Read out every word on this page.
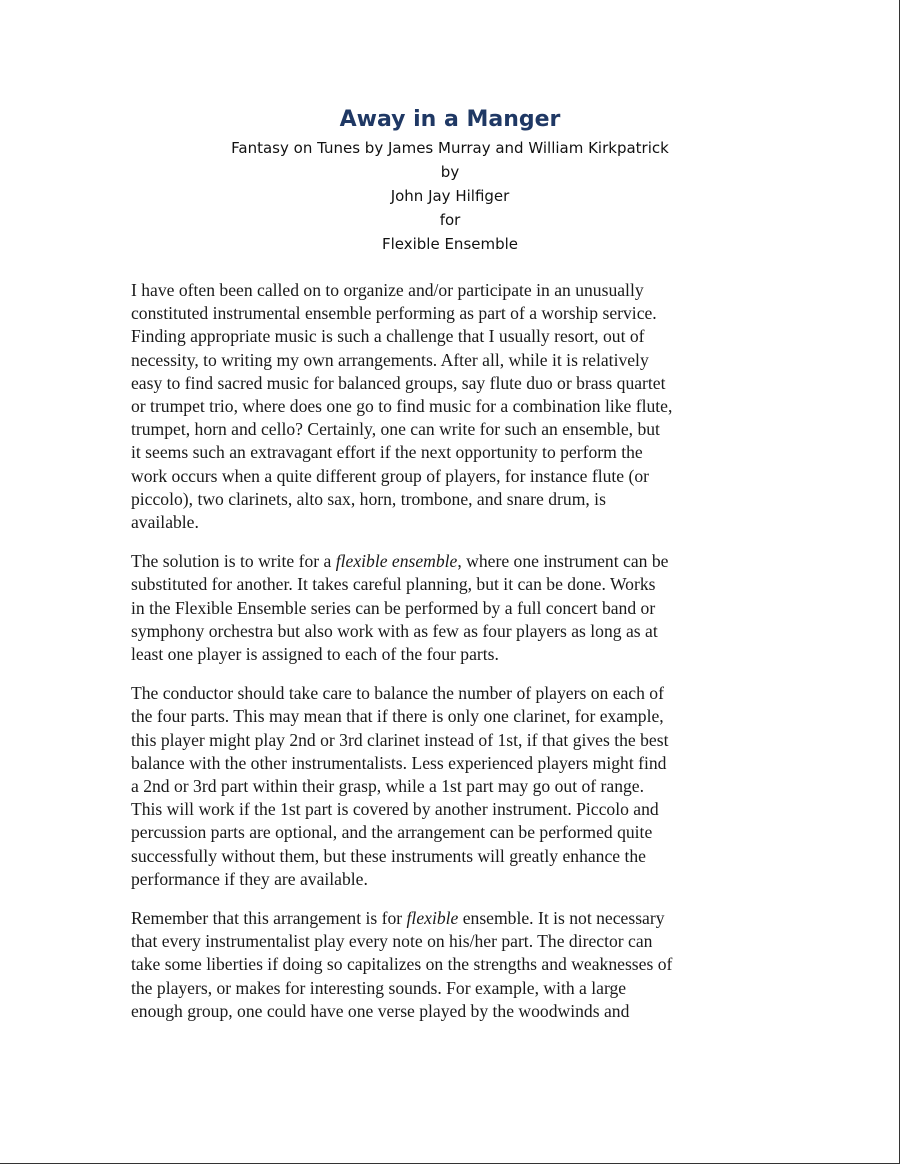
Away in a Manger

Fantasy on Tunes by James Murray and William Kirkpatrick

by

John Jay Hilfiger

for

Flexible Ensemble

I have often been called on to organize and/or participate in an unusually
constituted instrumental ensemble performing as part of a worship service.
Finding appropriate music is such a challenge that I usually resort, out of
necessity, to writing my own arrangements. After all, while it is relatively
easy to find sacred music for balanced groups, say flute duo or brass quartet
or trumpet trio, where does one go to find music for a combination like flute,
trumpet, horn and cello? Certainly, one can write for such an ensemble, but
it seems such an extravagant effort if the next opportunity to perform the
work occurs when a quite different group of players, for instance flute (or
piccolo), two clarinets, alto sax, horn, trombone, and snare drum, is
available.
The solution is to write for a flexible ensemble, where one instrument can be
substituted for another. It takes careful planning, but it can be done. Works
in the Flexible Ensemble series can be performed by a full concert band or
symphony orchestra but also work with as few as four players as long as at
least one player is assigned to each of the four parts.
The conductor should take care to balance the number of players on each of
the four parts. This may mean that if there is only one clarinet, for example,
this player might play 2nd or 3rd clarinet instead of 1st, if that gives the best
balance with the other instrumentalists. Less experienced players might find
a 2nd or 3rd part within their grasp, while a 1st part may go out of range.
This will work if the 1st part is covered by another instrument. Piccolo and
percussion parts are optional, and the arrangement can be performed quite
successfully without them, but these instruments will greatly enhance the
performance if they are available.
Remember that this arrangement is for flexible ensemble. It is not necessary
that every instrumentalist play every note on his/her part. The director can
take some liberties if doing so capitalizes on the strengths and weaknesses of
the players, or makes for interesting sounds. For example, with a large
enough group, one could have one verse played by the woodwinds and
